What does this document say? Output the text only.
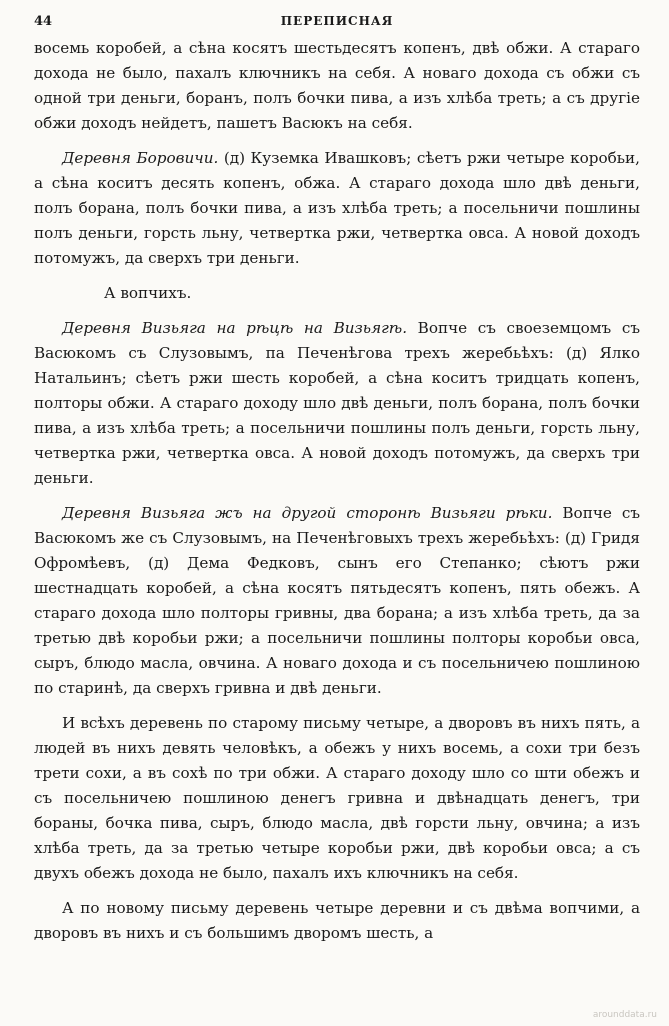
44	ПЕРЕПИСНАЯ

восемь коробей, а сѣна косятъ шестьдесятъ копенъ, двѣ обжи. А стараго дохода не было, пахалъ ключникъ на себя. А новаго дохода съ обжи съ одной три деньги, боранъ, полъ бочки пива, а изъ хлѣба треть; а съ другiе обжи доходъ нейдетъ, пашетъ Васюкъ на себя.

Деревня Боровичи. (д) Куземка Ивашковъ; сѣетъ ржи четыре коробьи, а сѣна коситъ десять копенъ, обжа. А стараго дохода шло двѣ деньги, полъ борана, полъ бочки пива, а изъ хлѣба треть; а посельничи пошлины полъ деньги, горсть льну, четвертка ржи, четвертка овса. А новой доходъ потомужъ, да сверхъ три деньги.

А вопчихъ.

Деревня Визьяга на рѣцѣ на Визьягѣ. Вопче съ своеземцомъ съ Васюкомъ съ Слузовымъ, па Печенѣгова трехъ жеребьѣхъ: (д) Ялко Натальинъ; сѣетъ ржи шесть коробей, а сѣна коситъ тридцать копенъ, полторы обжи. А стараго доходу шло двѣ деньги, полъ борана, полъ бочки пива, а изъ хлѣба треть; а посельничи пошлины полъ деньги, горсть льну, четвертка ржи, четвертка овса. А новой доходъ потомужъ, да сверхъ три деньги.

Деревня Визьяга жъ на другой сторонѣ Визьяги рѣки. Вопче съ Васюкомъ же съ Слузовымъ, на Печенѣговыхъ трехъ жеребьѣхъ: (д) Гридя Офромѣевъ, (д) Дема Федковъ, сынъ его Степанко; сѣютъ ржи шестнадцать коробей, а сѣна косятъ пятьдесятъ копенъ, пять обежъ. А стараго дохода шло полторы гривны, два борана; а изъ хлѣба треть, да за третью двѣ коробьи ржи; а посельничи пошлины полторы коробьи овса, сыръ, блюдо масла, овчина. А новаго дохода и съ посельничею пошлиною по старинѣ, да сверхъ гривна и двѣ деньги.

И всѣхъ деревень по старому письму четыре, а дворовъ въ нихъ пять, а людей въ нихъ девять человѣкъ, а обежъ у нихъ восемь, а сохи три безъ трети сохи, а въ сохѣ по три обжи. А стараго доходу шло со шти обежъ и съ посельничею пошлиною денегъ гривна и двѣнадцать денегъ, три бораны, бочка пива, сыръ, блюдо масла, двѣ горсти льну, овчина; а изъ хлѣба треть, да за третью четыре коробьи ржи, двѣ коробьи овса; а съ двухъ обежъ дохода не было, пахалъ ихъ ключникъ на себя.

А по новому письму деревень четыре деревни и съ двѣма вопчими, а дворовъ въ нихъ и съ большимъ дворомъ шесть, а

arounddata.ru
